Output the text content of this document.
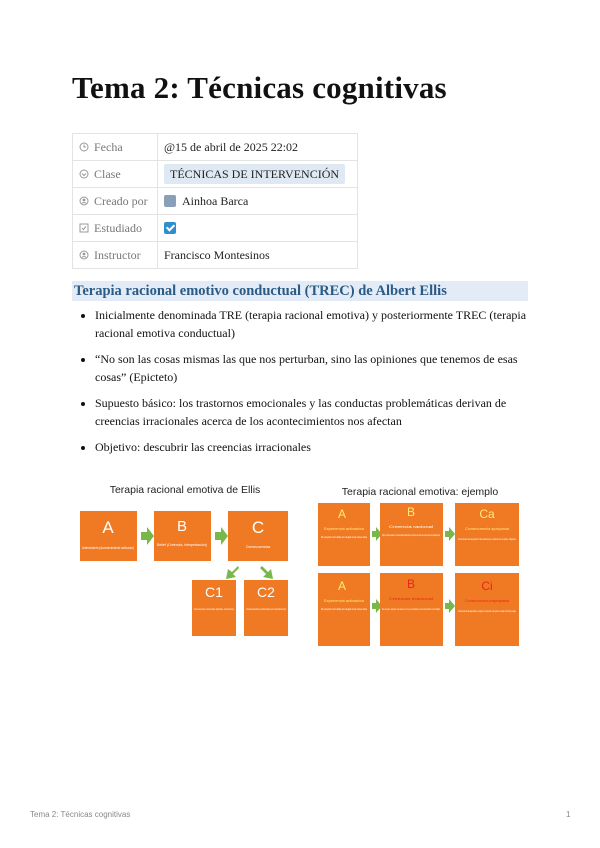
Tema 2: Técnicas cognitivas
Fecha	@15 de abril de 2025 22:02
Clase	TÉCNICAS DE INTERVENCIÓN
Creado por	Ainhoa Barca
Estudiado	
Instructor	Francisco Montesinos
Terapia racional emotivo conductual (TREC) de Albert Ellis
• Inicialmente denominada TRE (terapia racional emotiva) y posteriormente TREC (terapia racional emotiva conductual)
• “No son las cosas mismas las que nos perturban, sino las opiniones que tenemos de esas cosas” (Epicteto)
• Supuesto básico: los trastornos emocionales y las conductas problemáticas derivan de creencias irracionales acerca de los acontecimientos nos afectan
• Objetivo: descubrir las creencias irracionales
Terapia racional emotiva de Ellis
A
Antecedente (Acontecimiento activador)
B
Belief (Creencia, interpretación)
C
Consecuencias
C1
Consecuencias emocionales (afectivas, sentimientos)
C2
Consecuencias conductuales (comportamiento)
Terapia racional emotiva: ejemplo
A
Experiencia activadora
Me despiden del trabajo (he llegado tarde varios días)
B
Creencia racional
Ojalá no hubiera pasado, no debería haber llegado tarde, la próxima vez debo ser más puntual para trabajar mejor
Ca
Consecuencia apropiada
Sentimiento de decepción. Me esforzaré en buscar otro empleo. Disgusto
A
Experiencia activadora
Me despiden del trabajo (he llegado tarde varios días)
B
Creencia irracional
No es justo, siempre me pasa a mí, soy un desastre, nunca encontraré otro trabajo
Ci
Consecuencia inapropiada
Sentimiento de desesperación, vergüenza, depresión. Me quedo en casa sin buscar empleo
Tema 2: Técnicas cognitivas	1
